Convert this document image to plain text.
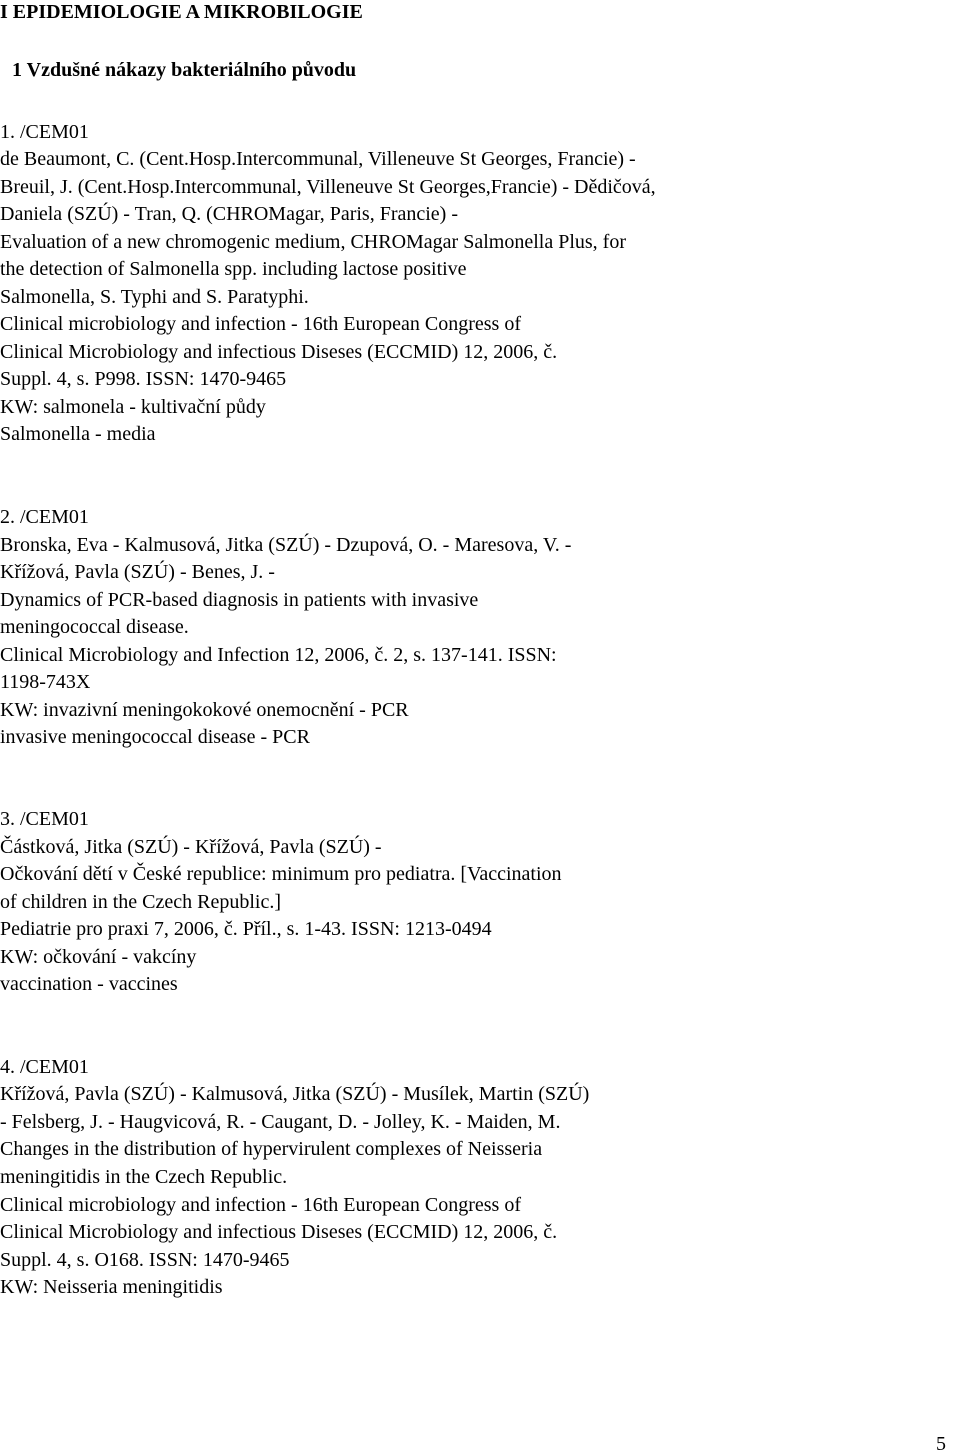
I EPIDEMIOLOGIE A MIKROBILOGIE
1 Vzdušné nákazy bakteriálního původu
1. /CEM01
de Beaumont, C. (Cent.Hosp.Intercommunal, Villeneuve St Georges, Francie) -
Breuil, J. (Cent.Hosp.Intercommunal, Villeneuve St Georges,Francie) - Dědičová,
Daniela (SZÚ) - Tran, Q. (CHROMagar, Paris, Francie) -
Evaluation of a new chromogenic medium, CHROMagar Salmonella Plus, for
the detection of Salmonella spp. including lactose positive
Salmonella, S. Typhi and S. Paratyphi.
Clinical microbiology and infection - 16th European Congress of
Clinical Microbiology and infectious Diseses (ECCMID) 12, 2006, č.
Suppl. 4, s. P998. ISSN: 1470-9465
KW: salmonela - kultivační půdy
Salmonella - media
2. /CEM01
Bronska, Eva - Kalmusová, Jitka (SZÚ) - Dzupová, O. - Maresova, V. -
Křížová, Pavla (SZÚ) - Benes, J. -
Dynamics of PCR-based diagnosis in patients with invasive
meningococcal disease.
Clinical Microbiology and Infection 12, 2006, č. 2, s. 137-141. ISSN:
1198-743X
KW: invazivní meningokokové onemocnění - PCR
invasive meningococcal disease - PCR
3. /CEM01
Částková, Jitka (SZÚ) - Křížová, Pavla (SZÚ) -
Očkování dětí v České republice: minimum pro pediatra. [Vaccination
of children in the Czech Republic.]
Pediatrie pro praxi 7, 2006, č. Příl., s. 1-43. ISSN: 1213-0494
KW: očkování - vakcíny
vaccination - vaccines
4. /CEM01
Křížová, Pavla (SZÚ) - Kalmusová, Jitka (SZÚ) - Musílek, Martin (SZÚ)
- Felsberg, J. - Haugvicová, R. - Caugant, D. - Jolley, K. - Maiden, M.
Changes in the distribution of hypervirulent complexes of Neisseria
meningitidis in the Czech Republic.
Clinical microbiology and infection - 16th European Congress of
Clinical Microbiology and infectious Diseses (ECCMID) 12, 2006, č.
Suppl. 4, s. O168. ISSN: 1470-9465
KW: Neisseria meningitidis
5
